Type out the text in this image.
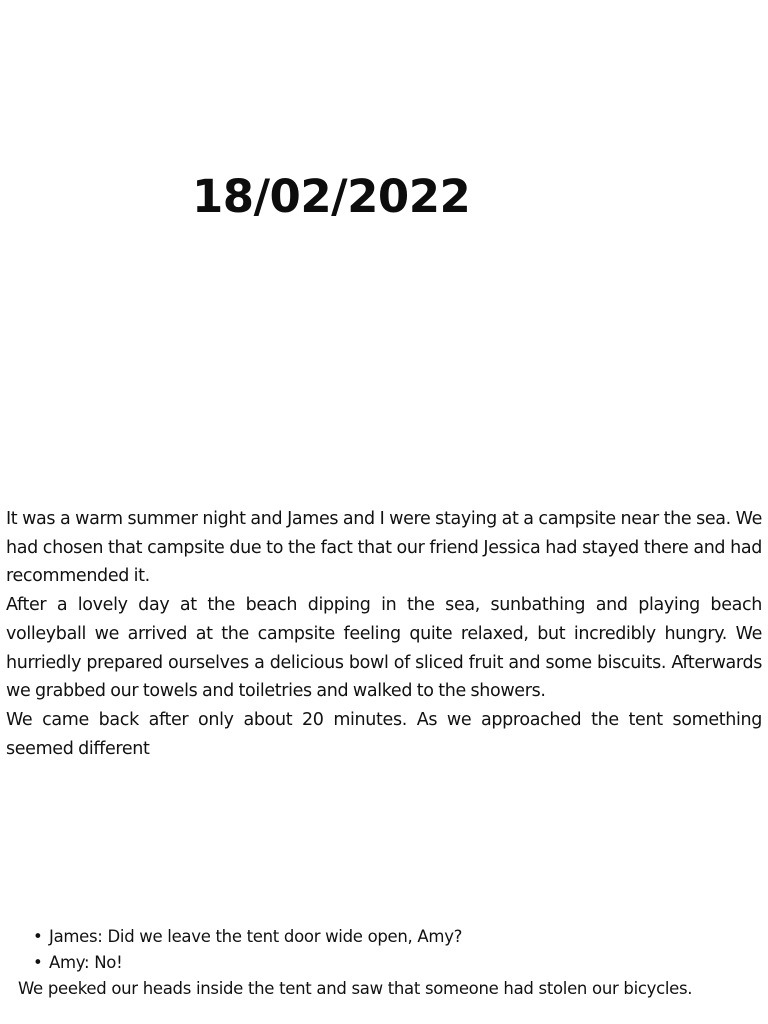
18/02/2022

It was a warm summer night and James and I were staying at a campsite near the sea. We had chosen that campsite due to the fact that our friend Jessica had stayed there and had recommended it.

After a lovely day at the beach dipping in the sea, sunbathing and playing beach volleyball we arrived at the campsite feeling quite relaxed, but incredibly hungry. We hurriedly prepared ourselves a delicious bowl of sliced fruit and some biscuits. Afterwards we grabbed our towels and toiletries and walked to the showers.

We came back after only about 20 minutes. As we approached the tent something seemed different

• James: Did we leave the tent door wide open, Amy?
• Amy: No!

We peeked our heads inside the tent and saw that someone had stolen our bicycles.
